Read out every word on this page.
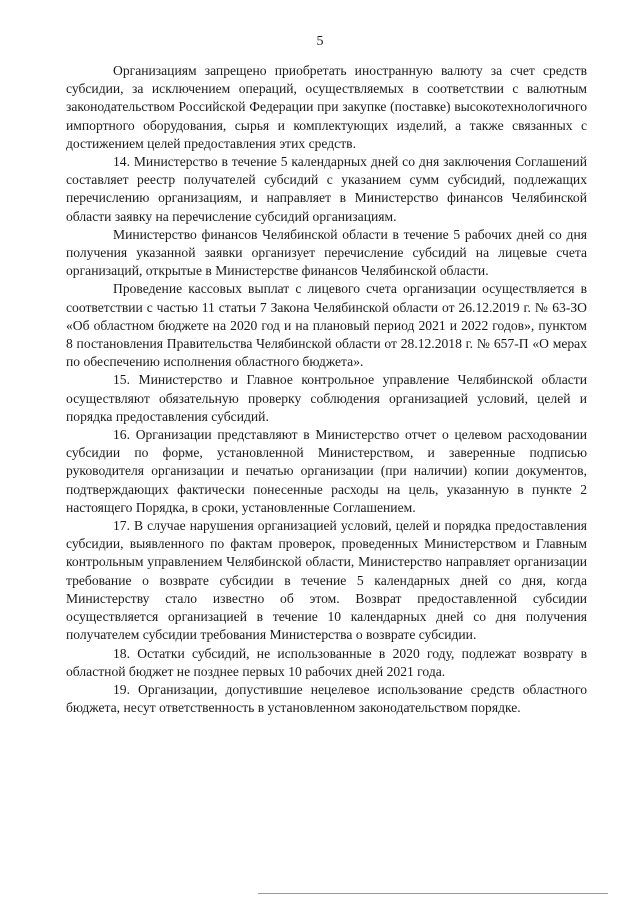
5

Организациям запрещено приобретать иностранную валюту за счет средств субсидии, за исключением операций, осуществляемых в соответствии с валютным законодательством Российской Федерации при закупке (поставке) высокотехнологичного импортного оборудования, сырья и комплектующих изделий, а также связанных с достижением целей предоставления этих средств.

14. Министерство в течение 5 календарных дней со дня заключения Соглашений составляет реестр получателей субсидий с указанием сумм субсидий, подлежащих перечислению организациям, и направляет в Министерство финансов Челябинской области заявку на перечисление субсидий организациям.

Министерство финансов Челябинской области в течение 5 рабочих дней со дня получения указанной заявки организует перечисление субсидий на лицевые счета организаций, открытые в Министерстве финансов Челябинской области.

Проведение кассовых выплат с лицевого счета организации осуществляется в соответствии с частью 11 статьи 7 Закона Челябинской области от 26.12.2019 г. № 63-ЗО «Об областном бюджете на 2020 год и на плановый период 2021 и 2022 годов», пунктом 8 постановления Правительства Челябинской области от 28.12.2018 г. № 657-П «О мерах по обеспечению исполнения областного бюджета».

15. Министерство и Главное контрольное управление Челябинской области осуществляют обязательную проверку соблюдения организацией условий, целей и порядка предоставления субсидий.

16. Организации представляют в Министерство отчет о целевом расходовании субсидии по форме, установленной Министерством, и заверенные подписью руководителя организации и печатью организации (при наличии) копии документов, подтверждающих фактически понесенные расходы на цель, указанную в пункте 2 настоящего Порядка, в сроки, установленные Соглашением.

17. В случае нарушения организацией условий, целей и порядка предоставления субсидии, выявленного по фактам проверок, проведенных Министерством и Главным контрольным управлением Челябинской области, Министерство направляет организации требование о возврате субсидии в течение 5 календарных дней со дня, когда Министерству стало известно об этом. Возврат предоставленной субсидии осуществляется организацией в течение 10 календарных дней со дня получения получателем субсидии требования Министерства о возврате субсидии.

18. Остатки субсидий, не использованные в 2020 году, подлежат возврату в областной бюджет не позднее первых 10 рабочих дней 2021 года.

19. Организации, допустившие нецелевое использование средств областного бюджета, несут ответственность в установленном законодательством порядке.
